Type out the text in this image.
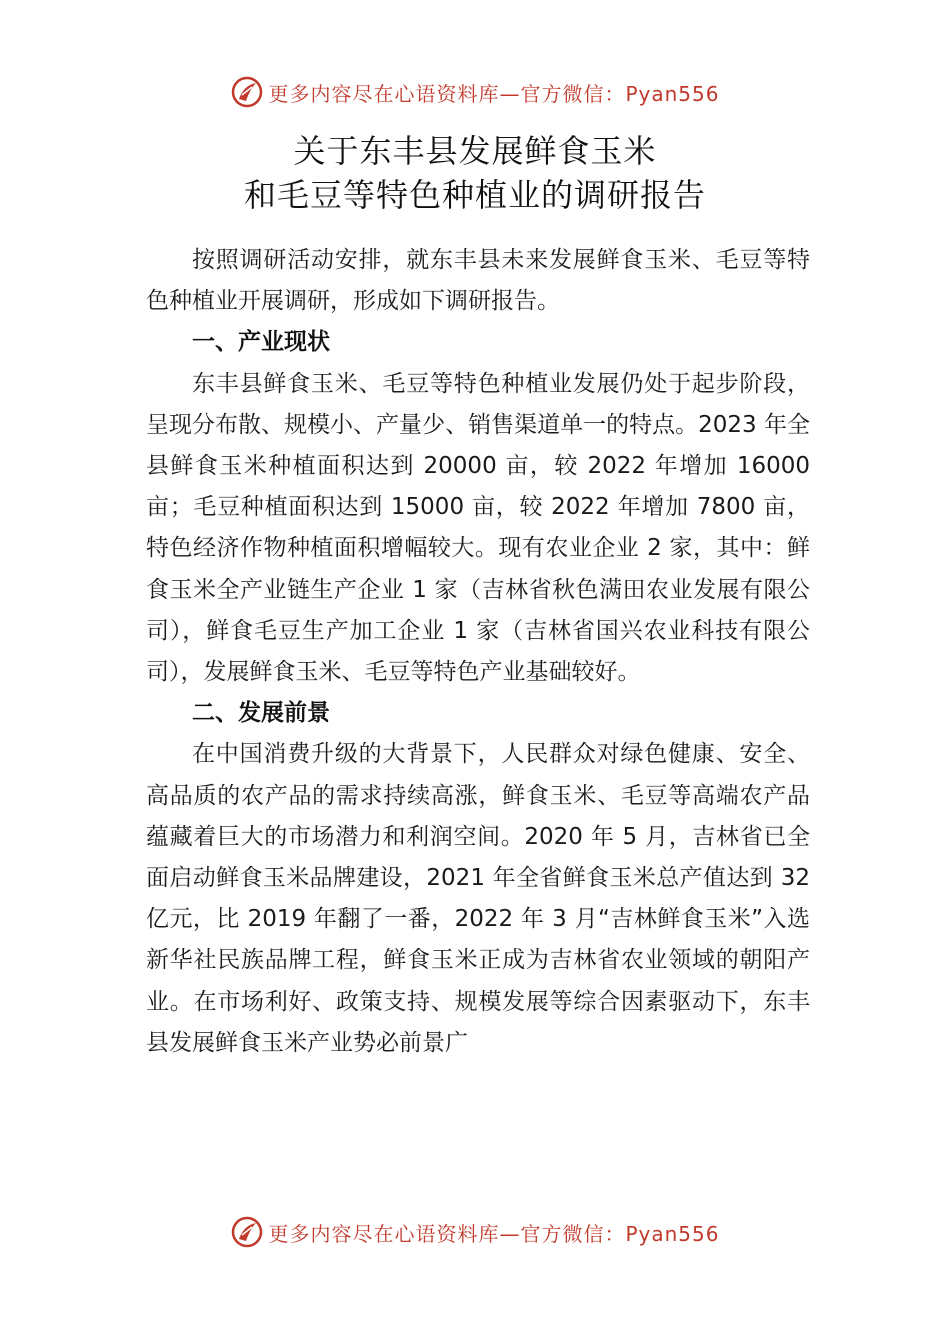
更多内容尽在心语资料库—官方微信：Pyan556
关于东丰县发展鲜食玉米
和毛豆等特色种植业的调研报告

按照调研活动安排，就东丰县未来发展鲜食玉米、毛豆等特色种植业开展调研，形成如下调研报告。

一、产业现状

东丰县鲜食玉米、毛豆等特色种植业发展仍处于起步阶段，呈现分布散、规模小、产量少、销售渠道单一的特点。2023 年全县鲜食玉米种植面积达到 20000 亩，较 2022 年增加 16000 亩；毛豆种植面积达到 15000 亩，较 2022 年增加 7800 亩，特色经济作物种植面积增幅较大。现有农业企业 2 家，其中：鲜食玉米全产业链生产企业 1 家（吉林省秋色满田农业发展有限公司），鲜食毛豆生产加工企业 1 家（吉林省国兴农业科技有限公司），发展鲜食玉米、毛豆等特色产业基础较好。

二、发展前景

在中国消费升级的大背景下，人民群众对绿色健康、安全、高品质的农产品的需求持续高涨，鲜食玉米、毛豆等高端农产品蕴藏着巨大的市场潜力和利润空间。2020 年 5 月，吉林省已全面启动鲜食玉米品牌建设，2021 年全省鲜食玉米总产值达到 32 亿元，比 2019 年翻了一番，2022 年 3 月“吉林鲜食玉米”入选新华社民族品牌工程，鲜食玉米正成为吉林省农业领域的朝阳产业。在市场利好、政策支持、规模发展等综合因素驱动下，东丰县发展鲜食玉米产业势必前景广

更多内容尽在心语资料库—官方微信：Pyan556
